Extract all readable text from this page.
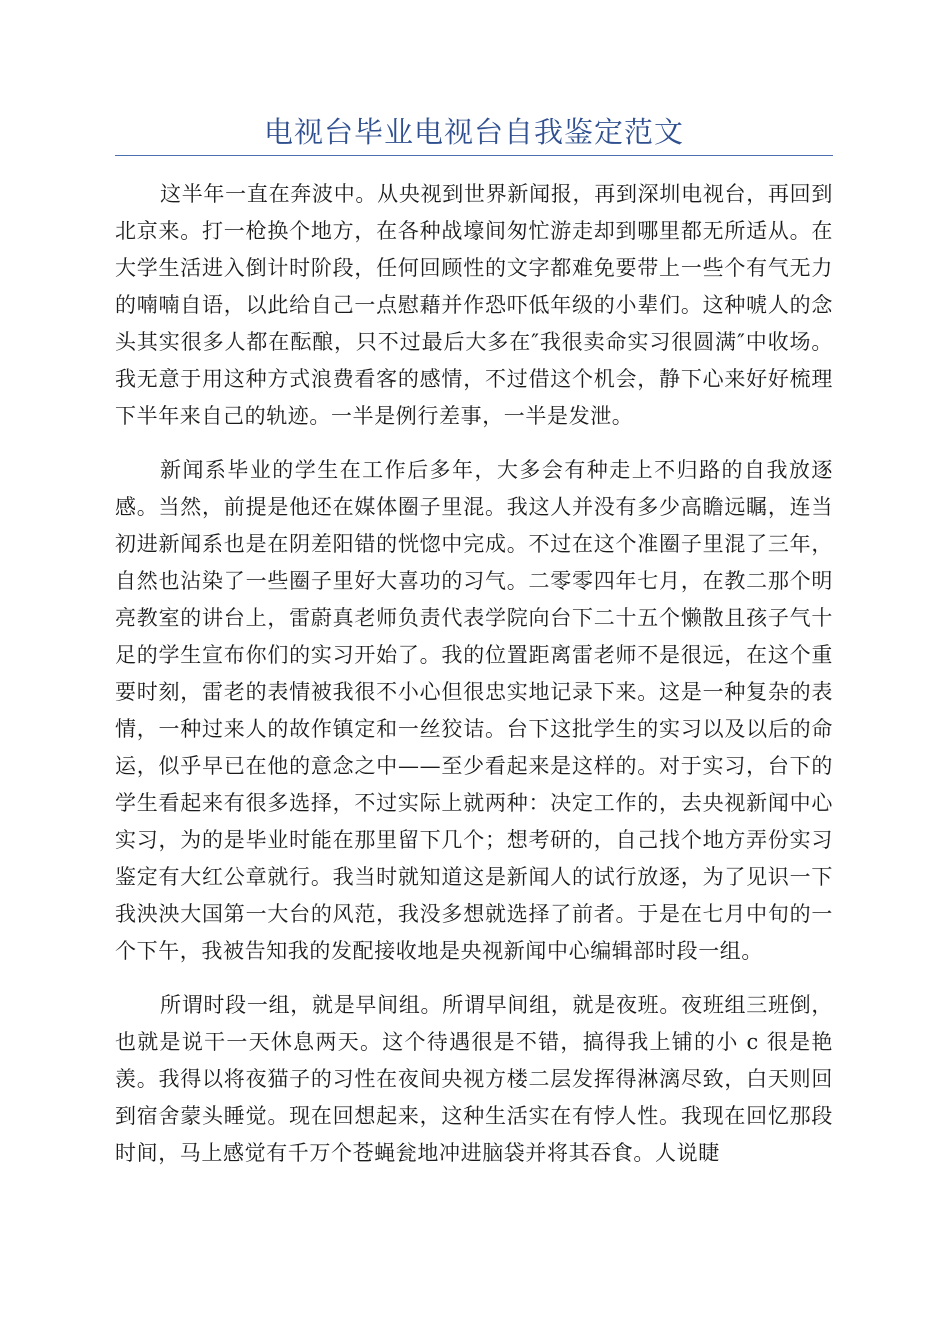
电视台毕业电视台自我鉴定范文

这半年一直在奔波中。从央视到世界新闻报，再到深圳电视台，再回到北京来。打一枪换个地方，在各种战壕间匆忙游走却到哪里都无所适从。在大学生活进入倒计时阶段，任何回顾性的文字都难免要带上一些个有气无力的喃喃自语，以此给自己一点慰藉并作恐吓低年级的小辈们。这种唬人的念头其实很多人都在酝酿，只不过最后大多在″我很卖命实习很圆满″中收场。我无意于用这种方式浪费看客的感情，不过借这个机会，静下心来好好梳理下半年来自己的轨迹。一半是例行差事，一半是发泄。

新闻系毕业的学生在工作后多年，大多会有种走上不归路的自我放逐感。当然，前提是他还在媒体圈子里混。我这人并没有多少高瞻远瞩，连当初进新闻系也是在阴差阳错的恍惚中完成。不过在这个准圈子里混了三年，自然也沾染了一些圈子里好大喜功的习气。二零零四年七月，在教二那个明亮教室的讲台上，雷蔚真老师负责代表学院向台下二十五个懒散且孩子气十足的学生宣布你们的实习开始了。我的位置距离雷老师不是很远，在这个重要时刻，雷老的表情被我很不小心但很忠实地记录下来。这是一种复杂的表情，一种过来人的故作镇定和一丝狡诘。台下这批学生的实习以及以后的命运，似乎早已在他的意念之中——至少看起来是这样的。对于实习，台下的学生看起来有很多选择，不过实际上就两种：决定工作的，去央视新闻中心实习，为的是毕业时能在那里留下几个；想考研的，自己找个地方弄份实习鉴定有大红公章就行。我当时就知道这是新闻人的试行放逐，为了见识一下我泱泱大国第一大台的风范，我没多想就选择了前者。于是在七月中旬的一个下午，我被告知我的发配接收地是央视新闻中心编辑部时段一组。

所谓时段一组，就是早间组。所谓早间组，就是夜班。夜班组三班倒，也就是说干一天休息两天。这个待遇很是不错，搞得我上铺的小 c 很是艳羡。我得以将夜猫子的习性在夜间央视方楼二层发挥得淋漓尽致，白天则回到宿舍蒙头睡觉。现在回想起来，这种生活实在有悖人性。我现在回忆那段时间，马上感觉有千万个苍蝇瓮地冲进脑袋并将其吞食。人说睫
